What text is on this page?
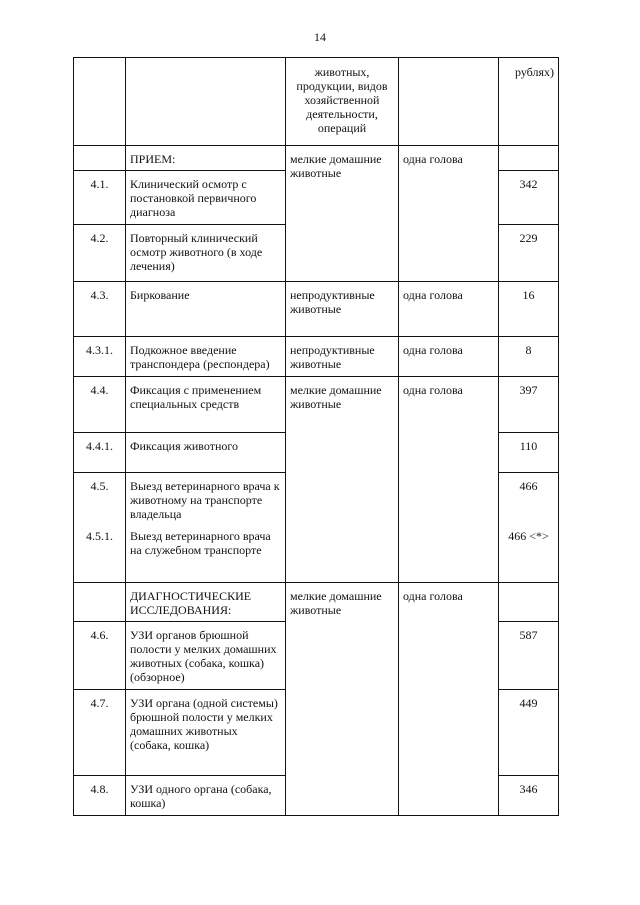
14
		животных, продукции, видов хозяйственной деятельности, операций		рублях)
	ПРИЕМ:	мелкие домашние животные	одна голова	
4.1.	Клинический осмотр с постановкой первичного диагноза			342
4.2.	Повторный клинический осмотр животного (в ходе лечения)			229
4.3.	Биркование	непродуктивные животные	одна голова	16
4.3.1.	Подкожное введение транспондера (респондера)	непродуктивные животные	одна голова	8
4.4.	Фиксация с применением специальных средств	мелкие домашние животные	одна голова	397
4.4.1.	Фиксация животного			110
4.5.	Выезд ветеринарного врача к животному на транспорте владельца			466
4.5.1.	Выезд ветеринарного врача на служебном транспорте			466 <*>
	ДИАГНОСТИЧЕСКИЕ ИССЛЕДОВАНИЯ:	мелкие домашние животные	одна голова	
4.6.	УЗИ органов брюшной полости у мелких домашних животных (собака, кошка) (обзорное)			587
4.7.	УЗИ органа (одной системы) брюшной полости у мелких домашних животных (собака, кошка)			449
4.8.	УЗИ одного органа (собака, кошка)			346
